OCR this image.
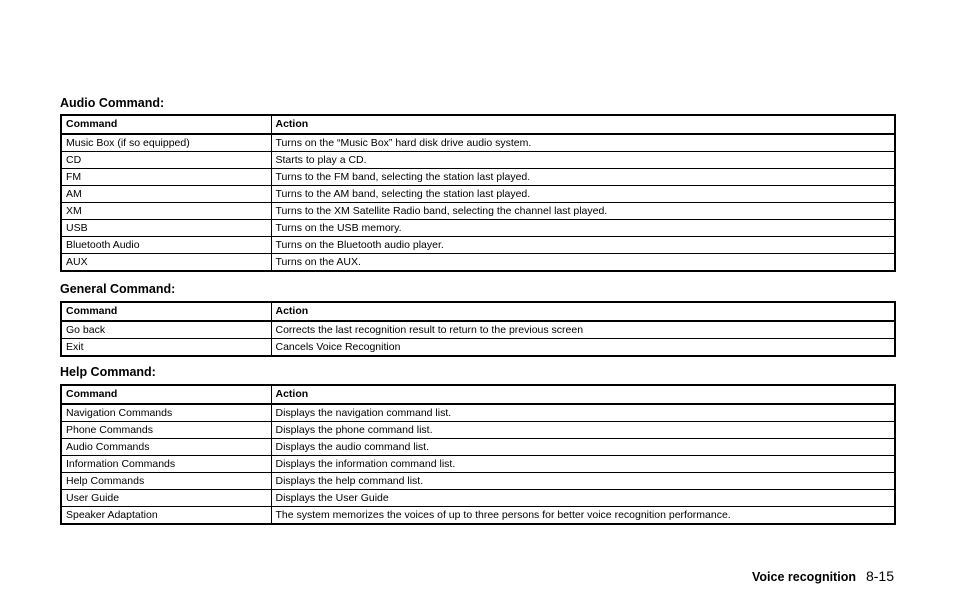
Audio Command:
Command	Action
Music Box (if so equipped)	Turns on the “Music Box” hard disk drive audio system.
CD	Starts to play a CD.
FM	Turns to the FM band, selecting the station last played.
AM	Turns to the AM band, selecting the station last played.
XM	Turns to the XM Satellite Radio band, selecting the channel last played.
USB	Turns on the USB memory.
Bluetooth Audio	Turns on the Bluetooth audio player.
AUX	Turns on the AUX.
General Command:
Command	Action
Go back	Corrects the last recognition result to return to the previous screen
Exit	Cancels Voice Recognition
Help Command:
Command	Action
Navigation Commands	Displays the navigation command list.
Phone Commands	Displays the phone command list.
Audio Commands	Displays the audio command list.
Information Commands	Displays the information command list.
Help Commands	Displays the help command list.
User Guide	Displays the User Guide
Speaker Adaptation	The system memorizes the voices of up to three persons for better voice recognition performance.
Voice recognition 8-15
